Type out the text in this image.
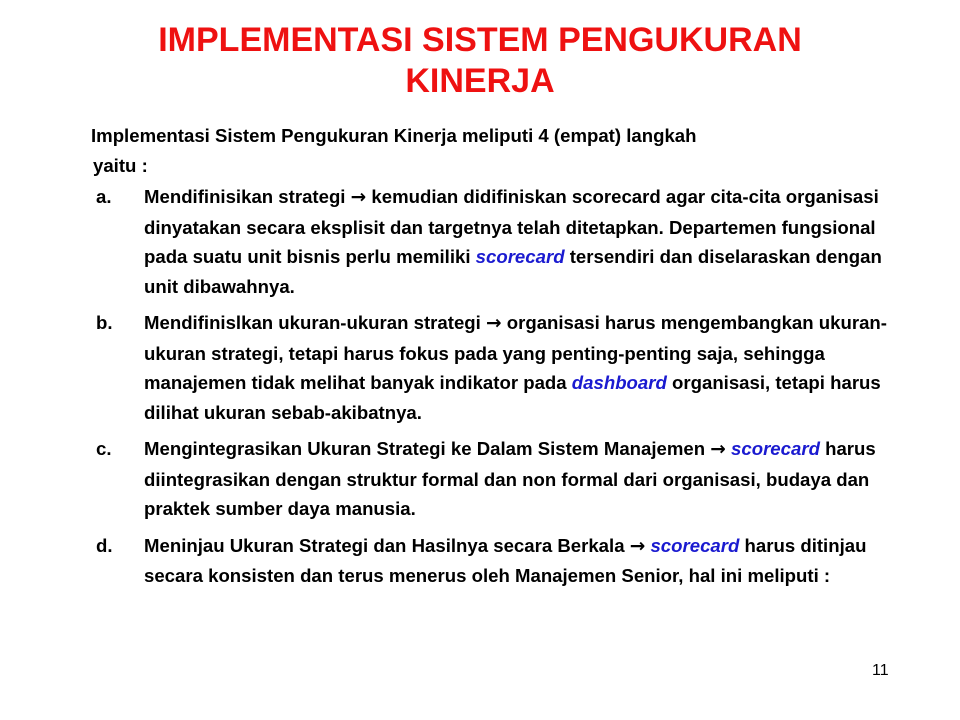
IMPLEMENTASI SISTEM PENGUKURAN
KINERJA

Implementasi Sistem Pengukuran Kinerja meliputi 4 (empat) langkah
yaitu :

a. Mendifinisikan strategi → kemudian didifiniskan scorecard agar cita-cita organisasi dinyatakan secara eksplisit dan targetnya telah ditetapkan. Departemen fungsional pada suatu unit bisnis perlu memiliki scorecard tersendiri dan diselaraskan dengan unit dibawahnya.
b. Mendifinislkan ukuran-ukuran strategi → organisasi harus mengembangkan ukuran-ukuran strategi, tetapi harus fokus pada yang penting-penting saja, sehingga manajemen tidak melihat banyak indikator pada dashboard organisasi, tetapi harus dilihat ukuran sebab-akibatnya.
c. Mengintegrasikan Ukuran Strategi ke Dalam Sistem Manajemen → scorecard harus diintegrasikan dengan struktur formal dan non formal dari organisasi, budaya dan praktek sumber daya manusia.
d. Meninjau Ukuran Strategi dan Hasilnya secara Berkala → scorecard harus ditinjau secara konsisten dan terus menerus oleh Manajemen Senior, hal ini meliputi :
11
